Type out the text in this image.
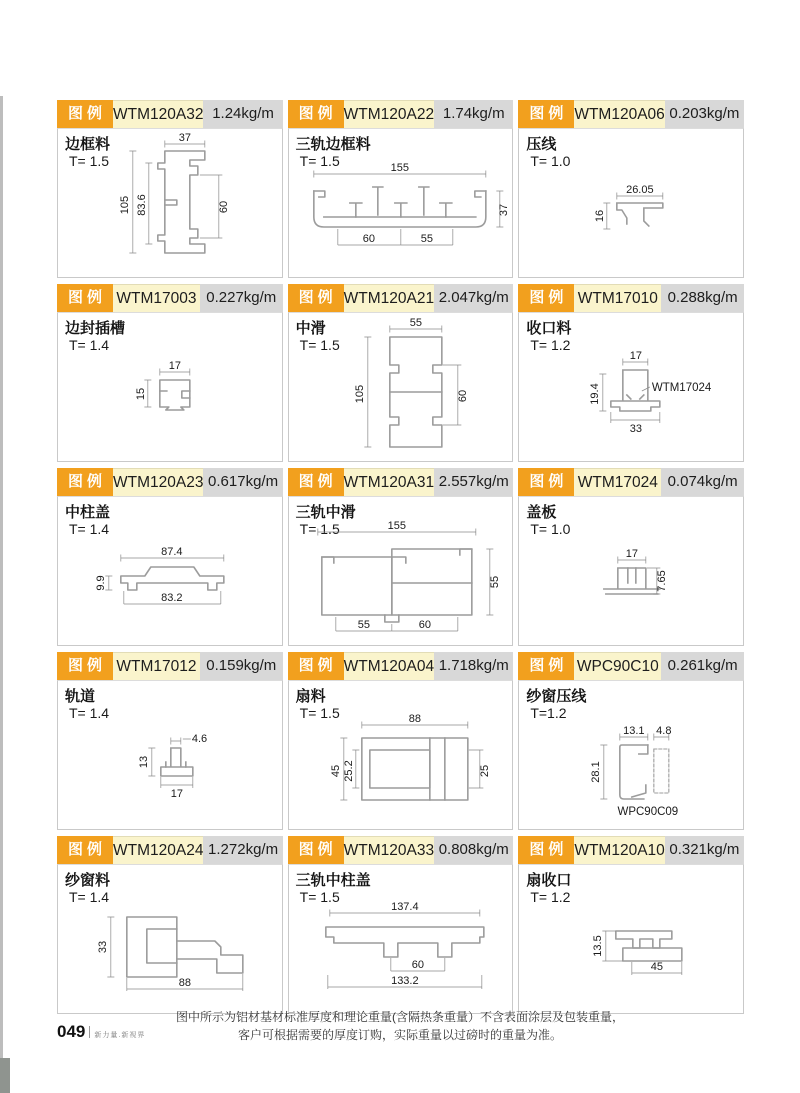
图例 WTM120A32 1.24kg/m
边框料
T= 1.5
37
105 83.6	60
图例 WTM120A22 1.74kg/m
三轨边框料
T= 1.5	155
37
60	55
图例 WTM120A06 0.203kg/m
压线
T= 1.0
26.05
16
图例 WTM17003 0.227kg/m
边封插槽
T= 1.4
17
15
图例 WTM120A21 2.047kg/m
中滑
T= 1.5
55
105	60
图例 WTM17010 0.288kg/m
收口料
T= 1.2
17
19.4
33
WTM17024
图例 WTM120A23 0.617kg/m
中柱盖
T= 1.4
87.4
9.9
83.2
图例 WTM120A31 2.557kg/m
三轨中滑
T= 1.5	155
55
55	60
图例 WTM17024 0.074kg/m
盖板
T= 1.0
17
7.65
图例 WTM17012 0.159kg/m
轨道
T= 1.4
4.6
13
17
图例 WTM120A04 1.718kg/m
扇料
T= 1.5	88
45 25.2	25
图例 WPC90C10 0.261kg/m
纱窗压线
T=1.2
13.1 4.8
28.1
WPC90C09
图例 WTM120A24 1.272kg/m
纱窗料
T= 1.4
33
88
图例 WTM120A33 0.808kg/m
三轨中柱盖
T= 1.5
137.4
60
133.2
图例 WTM120A10 0.321kg/m
扇收口
T= 1.2
13.5
45
图中所示为铝材基材标准厚度和理论重量(含隔热条重量）不含表面涂层及包装重量，
客户可根据需要的厚度订购，实际重量以过磅时的重量为准。
049 新力量.新视界
